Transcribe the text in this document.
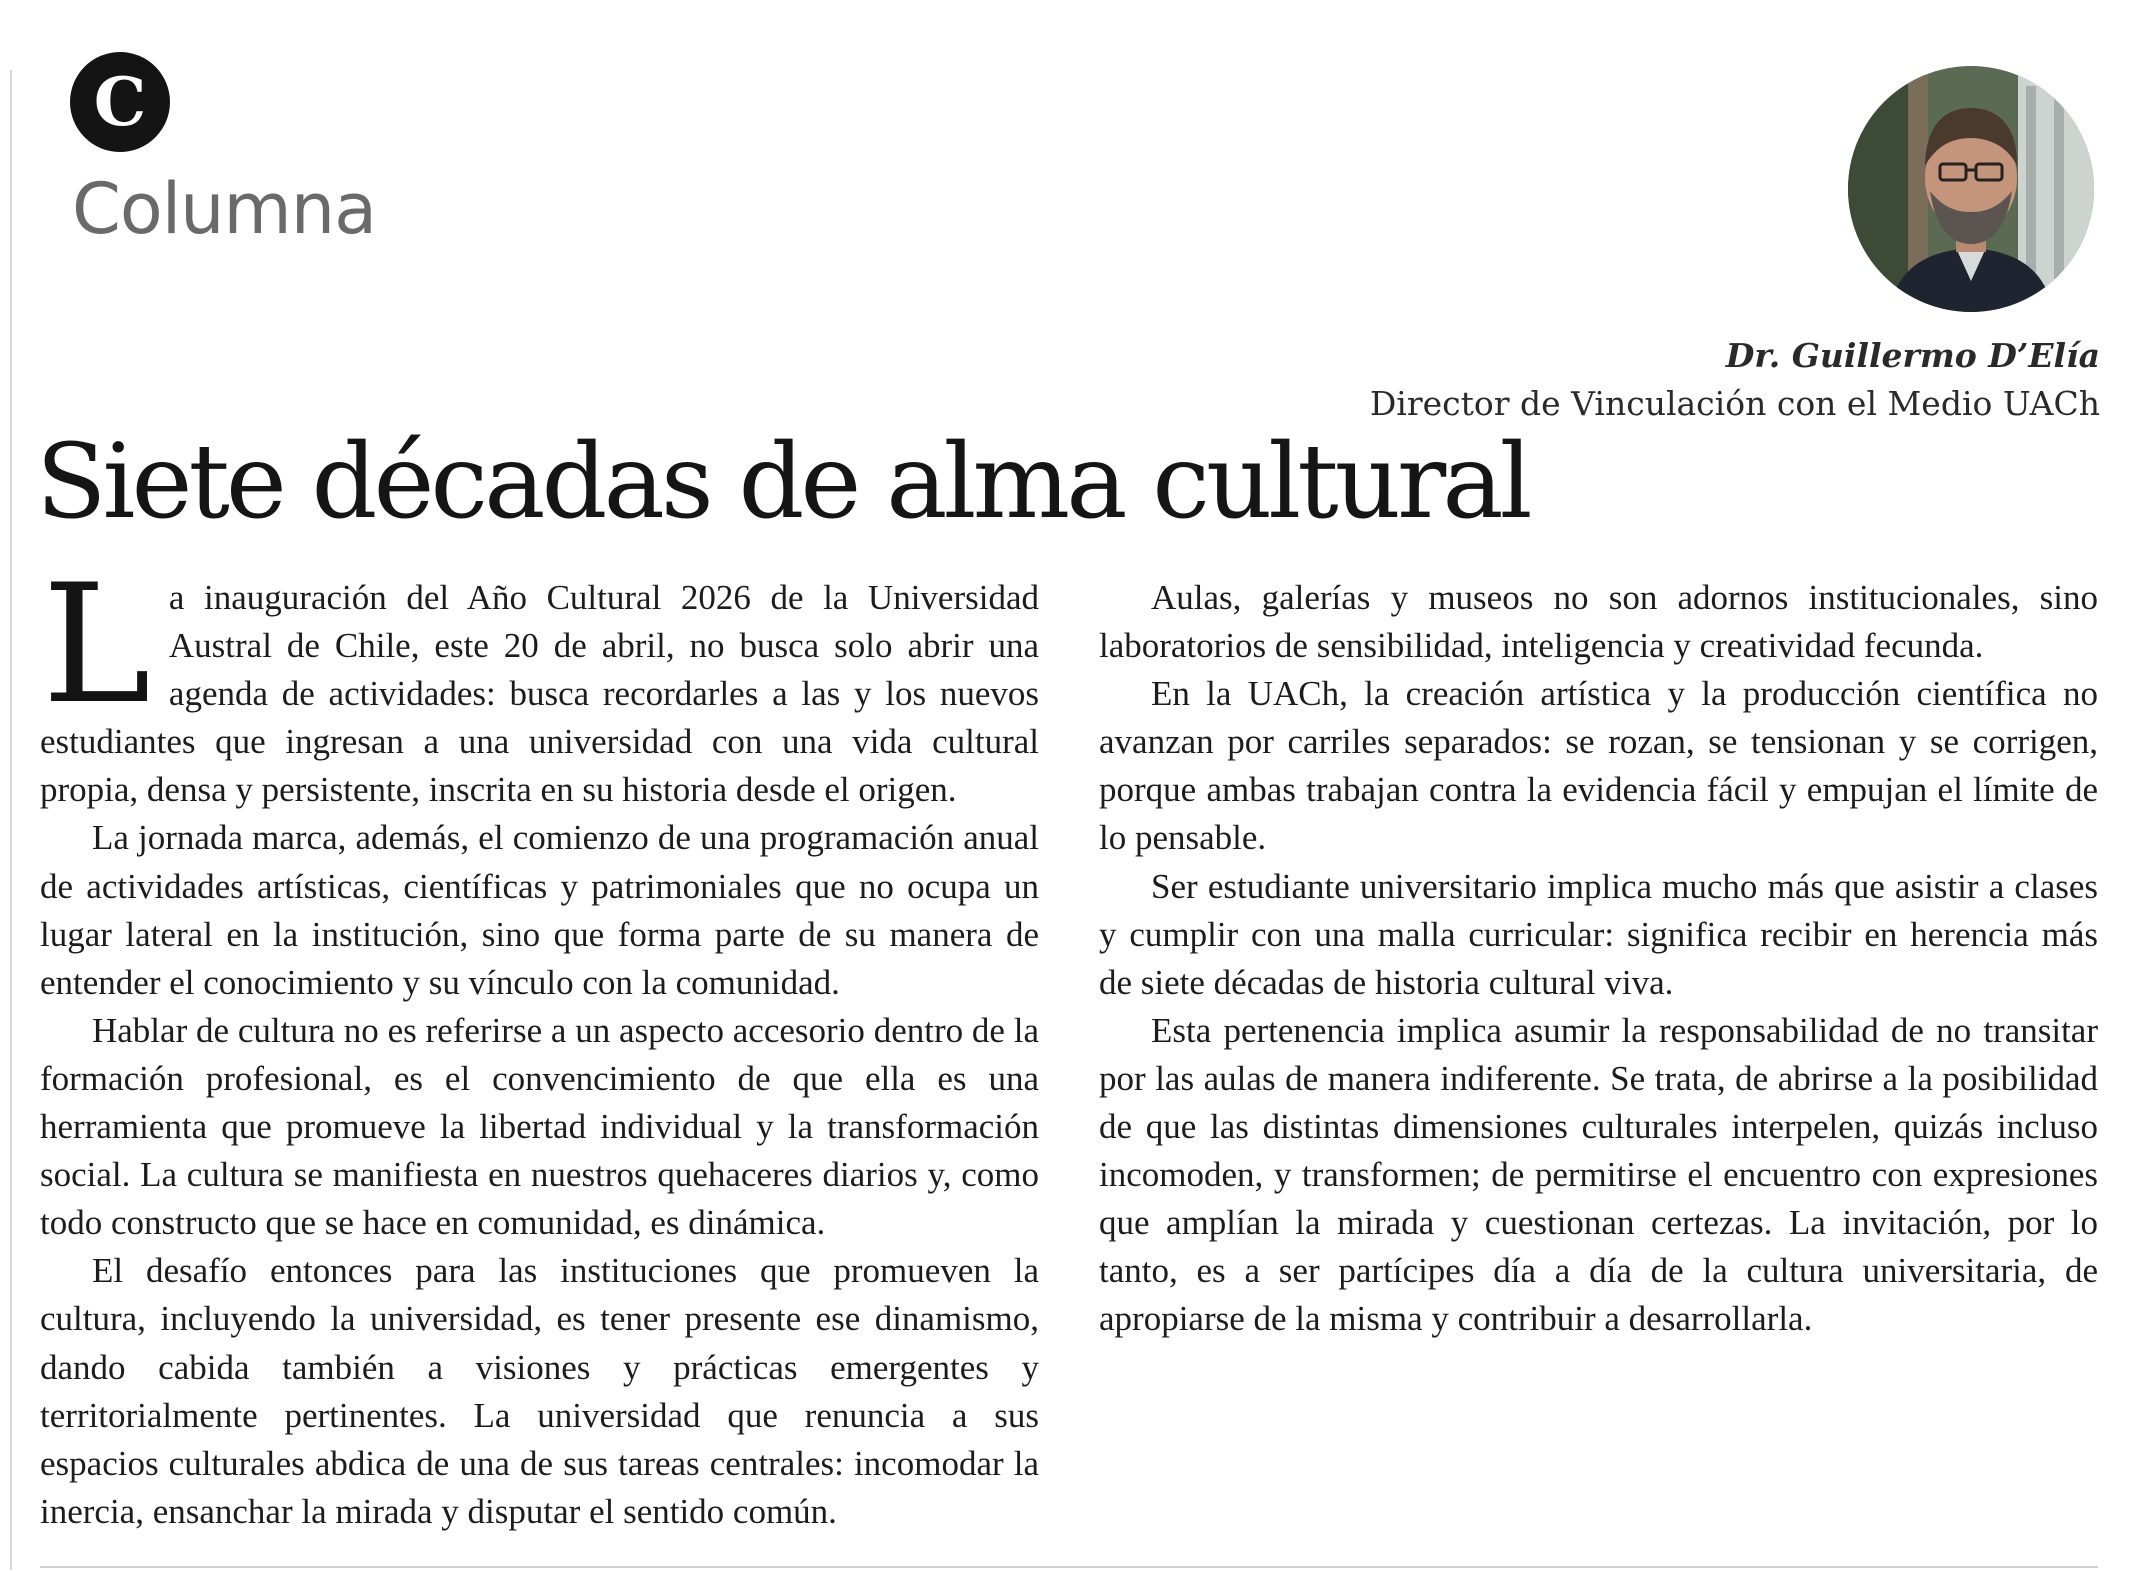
C
Columna
Dr. Guillermo D’Elía
Director de Vinculación con el Medio UACh
Siete décadas de alma cultural

La inauguración del Año Cultural 2026 de la Universidad Austral de Chile, este 20 de abril, no busca solo abrir una agenda de actividades: busca recordarles a las y los nuevos estudiantes que ingresan a una universidad con una vida cultural propia, densa y persistente, inscrita en su historia desde el origen.

La jornada marca, además, el comienzo de una programación anual de actividades artísticas, científicas y patrimoniales que no ocupa un lugar lateral en la institución, sino que forma parte de su manera de entender el conocimiento y su vínculo con la comunidad.

Hablar de cultura no es referirse a un aspecto accesorio dentro de la formación profesional, es el convencimiento de que ella es una herramienta que promueve la libertad individual y la transformación social. La cultura se manifiesta en nuestros quehaceres diarios y, como todo constructo que se hace en comunidad, es dinámica.

El desafío entonces para las instituciones que promueven la cultura, incluyendo la universidad, es tener presente ese dinamismo, dando cabida también a visiones y prácticas emergentes y territorialmente pertinentes. La universidad que renuncia a sus espacios culturales abdica de una de sus tareas centrales: incomodar la inercia, ensanchar la mirada y disputar el sentido común.

Aulas, galerías y museos no son adornos institucionales, sino laboratorios de sensibilidad, inteligencia y creatividad fecunda.

En la UACh, la creación artística y la producción científica no avanzan por carriles separados: se rozan, se tensionan y se corrigen, porque ambas trabajan contra la evidencia fácil y empujan el límite de lo pensable.

Ser estudiante universitario implica mucho más que asistir a clases y cumplir con una malla curricular: significa recibir en herencia más de siete décadas de historia cultural viva.

Esta pertenencia implica asumir la responsabilidad de no transitar por las aulas de manera indiferente. Se trata, de abrirse a la posibilidad de que las distintas dimensiones culturales interpelen, quizás incluso incomoden, y transformen; de permitirse el encuentro con expresiones que amplían la mirada y cuestionan certezas. La invitación, por lo tanto, es a ser partícipes día a día de la cultura universitaria, de apropiarse de la misma y contribuir a desarrollarla.
